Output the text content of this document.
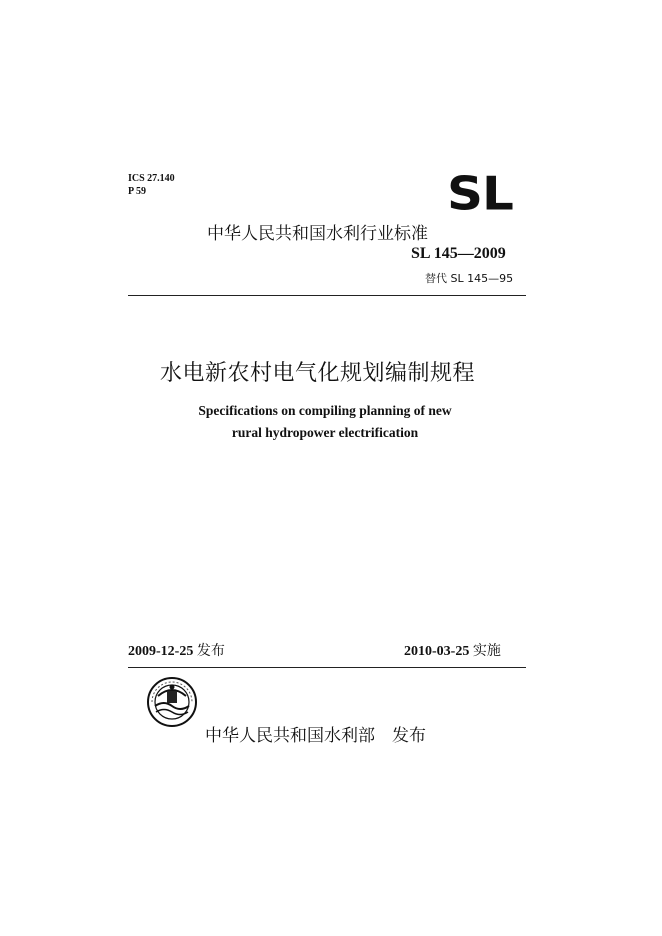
ICS 27.140
P 59	SL
中华人民共和国水利行业标准
SL 145—2009
替代 SL 145—95
水电新农村电气化规划编制规程
Specifications on compiling planning of new
rural hydropower electrification
2009-12-25 发布	2010-03-25 实施
中华人民共和国水利部　发布
